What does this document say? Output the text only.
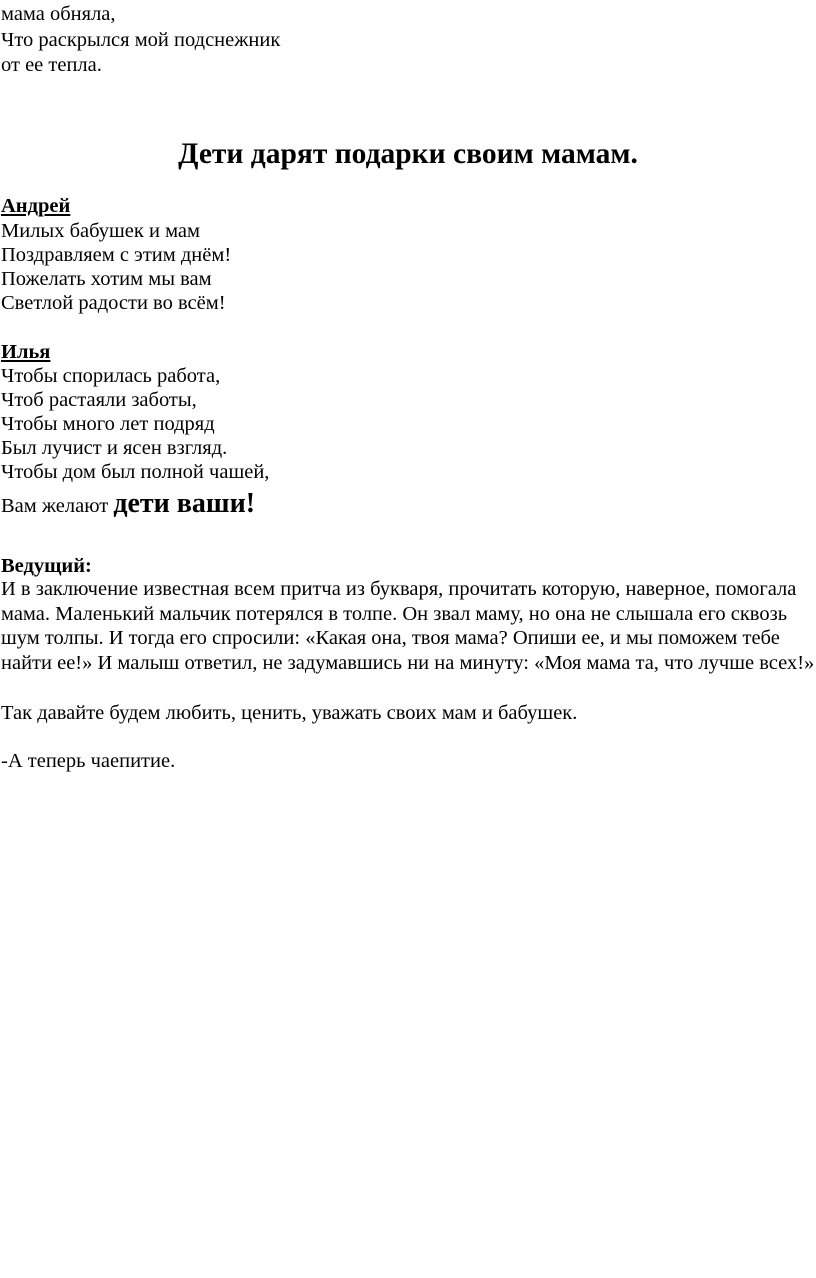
мама обняла,
Что раскрылся мой подснежник
от ее тепла.
Дети дарят подарки своим мамам.
Андрей
Милых бабушек и мам
Поздравляем с этим днём!
Пожелать хотим мы вам
Светлой радости во всём!
Илья
Чтобы спорилась работа,
Чтоб растаяли заботы,
Чтобы много лет подряд
Был лучист и ясен взгляд.
Чтобы дом был полной чашей,
Вам желают дети ваши!
Ведущий:
И в заключение известная всем притча из букваря, прочитать которую, наверное, помогала мама. Маленький мальчик потерялся в толпе. Он звал маму, но она не слышала его сквозь шум толпы. И тогда его спросили: «Какая она, твоя мама? Опиши ее, и мы поможем тебе найти ее!» И малыш ответил, не задумавшись ни на минуту: «Моя мама та, что лучше всех!»
Так давайте будем любить, ценить, уважать своих мам и бабушек.
-А теперь чаепитие.
